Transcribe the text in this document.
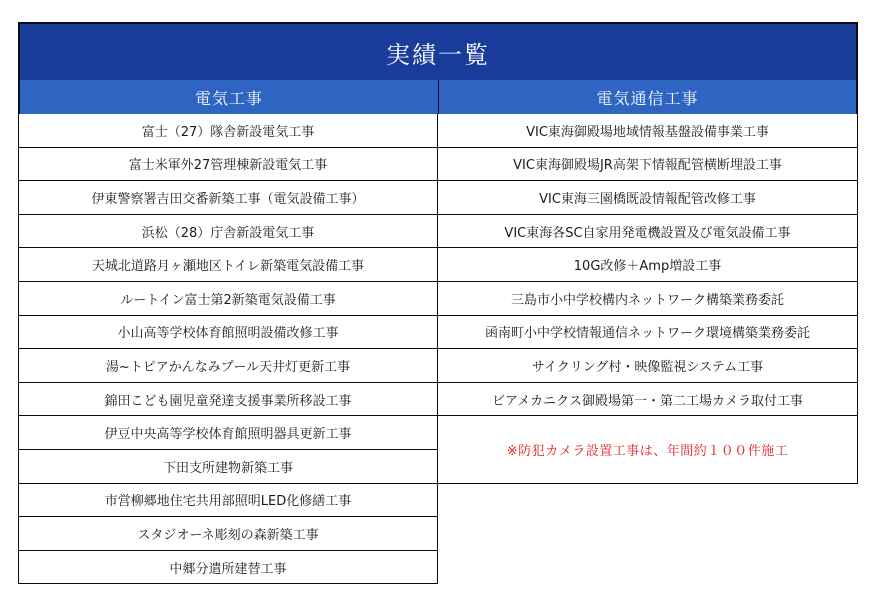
実績一覧
電気工事	電気通信工事
富士（27）隊舎新設電気工事
富士米軍外27管理棟新設電気工事
伊東警察署吉田交番新築工事（電気設備工事）
浜松（28）庁舎新設電気工事
天城北道路月ヶ瀬地区トイレ新築電気設備工事
ルートイン富士第2新築電気設備工事
小山高等学校体育館照明設備改修工事
湯~トピアかんなみプール天井灯更新工事
錦田こども園児童発達支援事業所移設工事
伊豆中央高等学校体育館照明器具更新工事
下田支所建物新築工事
市営柳郷地住宅共用部照明LED化修繕工事
スタジオーネ彫刻の森新築工事
中郷分遣所建替工事
VIC東海御殿場地域情報基盤設備事業工事
VIC東海御殿場JR高架下情報配管横断埋設工事
VIC東海三園橋既設情報配管改修工事
VIC東海各SC自家用発電機設置及び電気設備工事
10G改修＋Amp増設工事
三島市小中学校構内ネットワーク構築業務委託
函南町小中学校情報通信ネットワーク環境構築業務委託
サイクリング村・映像監視システム工事
ビアメカニクス御殿場第一・第二工場カメラ取付工事
※防犯カメラ設置工事は、年間約１００件施工
